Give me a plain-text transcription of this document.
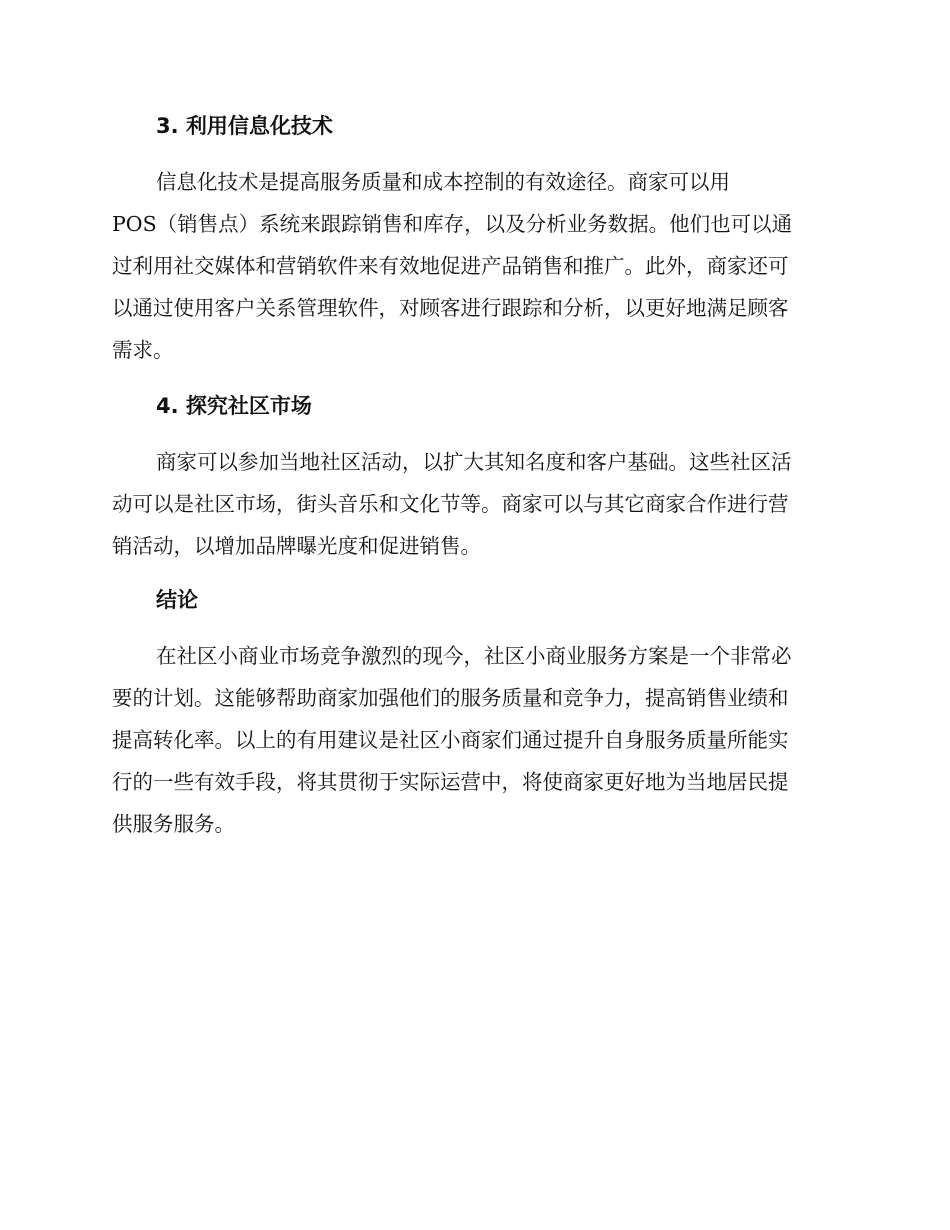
3. 利用信息化技术

信息化技术是提高服务质量和成本控制的有效途径。商家可以用
POS（销售点）系统来跟踪销售和库存，以及分析业务数据。他们也可以通
过利用社交媒体和营销软件来有效地促进产品销售和推广。此外，商家还可
以通过使用客户关系管理软件，对顾客进行跟踪和分析，以更好地满足顾客
需求。

4. 探究社区市场

商家可以参加当地社区活动，以扩大其知名度和客户基础。这些社区活
动可以是社区市场，街头音乐和文化节等。商家可以与其它商家合作进行营
销活动，以增加品牌曝光度和促进销售。

结论

在社区小商业市场竞争激烈的现今，社区小商业服务方案是一个非常必
要的计划。这能够帮助商家加强他们的服务质量和竞争力，提高销售业绩和
提高转化率。以上的有用建议是社区小商家们通过提升自身服务质量所能实
行的一些有效手段，将其贯彻于实际运营中，将使商家更好地为当地居民提
供服务服务。
